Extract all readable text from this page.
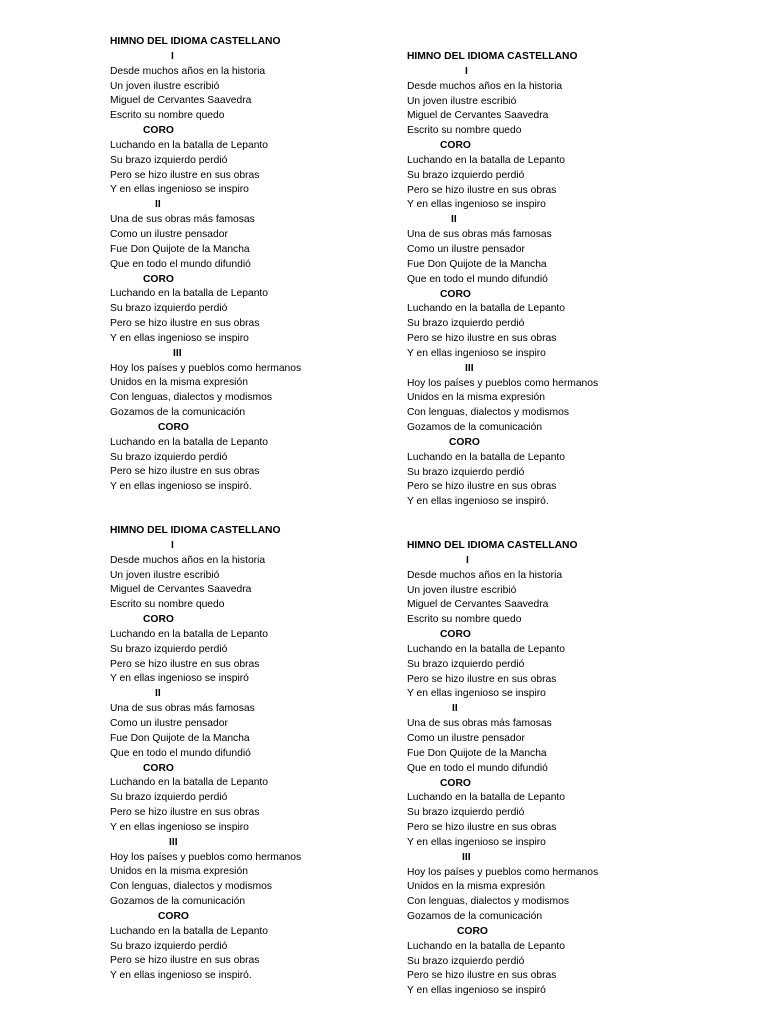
HIMNO DEL IDIOMA CASTELLANO
I
Desde muchos años en la historia
Un joven ilustre escribió
Miguel de Cervantes Saavedra
Escrito su nombre quedo
CORO
Luchando en la batalla de Lepanto
Su brazo izquierdo perdió
Pero se hizo ilustre en sus obras
Y en ellas ingenioso se inspiro
II
Una de sus obras más famosas
Como un ilustre pensador
Fue Don Quijote de la Mancha
Que en todo el mundo difundió
CORO
Luchando en la batalla de Lepanto
Su brazo izquierdo perdió
Pero se hizo ilustre en sus obras
Y en ellas ingenioso se inspiro
III
Hoy los países y pueblos como hermanos
Unidos en la misma expresión
Con lenguas, dialectos y modismos
Gozamos de la comunicación
CORO
Luchando en la batalla de Lepanto
Su brazo izquierdo perdió
Pero se hizo ilustre en sus obras
Y en ellas ingenioso se inspiró.
HIMNO DEL IDIOMA CASTELLANO
I
Desde muchos años en la historia
Un joven ilustre escribió
Miguel de Cervantes Saavedra
Escrito su nombre quedo
CORO
Luchando en la batalla de Lepanto
Su brazo izquierdo perdió
Pero se hizo ilustre en sus obras
Y en ellas ingenioso se inspiro
II
Una de sus obras más famosas
Como un ilustre pensador
Fue Don Quijote de la Mancha
Que en todo el mundo difundió
CORO
Luchando en la batalla de Lepanto
Su brazo izquierdo perdió
Pero se hizo ilustre en sus obras
Y en ellas ingenioso se inspiro
III
Hoy los países y pueblos como hermanos
Unidos en la misma expresión
Con lenguas, dialectos y modismos
Gozamos de la comunicación
CORO
Luchando en la batalla de Lepanto
Su brazo izquierdo perdió
Pero se hizo ilustre en sus obras
Y en ellas ingenioso se inspiró.
HIMNO DEL IDIOMA CASTELLANO
I
Desde muchos años en la historia
Un joven ilustre escribió
Miguel de Cervantes Saavedra
Escrito su nombre quedo
CORO
Luchando en la batalla de Lepanto
Su brazo izquierdo perdió
Pero se hizo ilustre en sus obras
Y en ellas ingenioso se inspiró
II
Una de sus obras más famosas
Como un ilustre pensador
Fue Don Quijote de la Mancha
Que en todo el mundo difundió
CORO
Luchando en la batalla de Lepanto
Su brazo izquierdo perdió
Pero se hizo ilustre en sus obras
Y en ellas ingenioso se inspiro
III
Hoy los países y pueblos como hermanos
Unidos en la misma expresión
Con lenguas, dialectos y modismos
Gozamos de la comunicación
CORO
Luchando en la batalla de Lepanto
Su brazo izquierdo perdió
Pero se hizo ilustre en sus obras
Y en ellas ingenioso se inspiró.
HIMNO DEL IDIOMA CASTELLANO
I
Desde muchos años en la historia
Un joven ilustre escribió
Miguel de Cervantes Saavedra
Escrito su nombre quedo
CORO
Luchando en la batalla de Lepanto
Su brazo izquierdo perdió
Pero se hizo ilustre en sus obras
Y en ellas ingenioso se inspiro
II
Una de sus obras más famosas
Como un ilustre pensador
Fue Don Quijote de la Mancha
Que en todo el mundo difundió
CORO
Luchando en la batalla de Lepanto
Su brazo izquierdo perdió
Pero se hizo ilustre en sus obras
Y en ellas ingenioso se inspiro
III
Hoy los países y pueblos como hermanos
Unidos en la misma expresión
Con lenguas, dialectos y modismos
Gozamos de la comunicación
CORO
Luchando en la batalla de Lepanto
Su brazo izquierdo perdió
Pero se hizo ilustre en sus obras
Y en ellas ingenioso se inspiró
